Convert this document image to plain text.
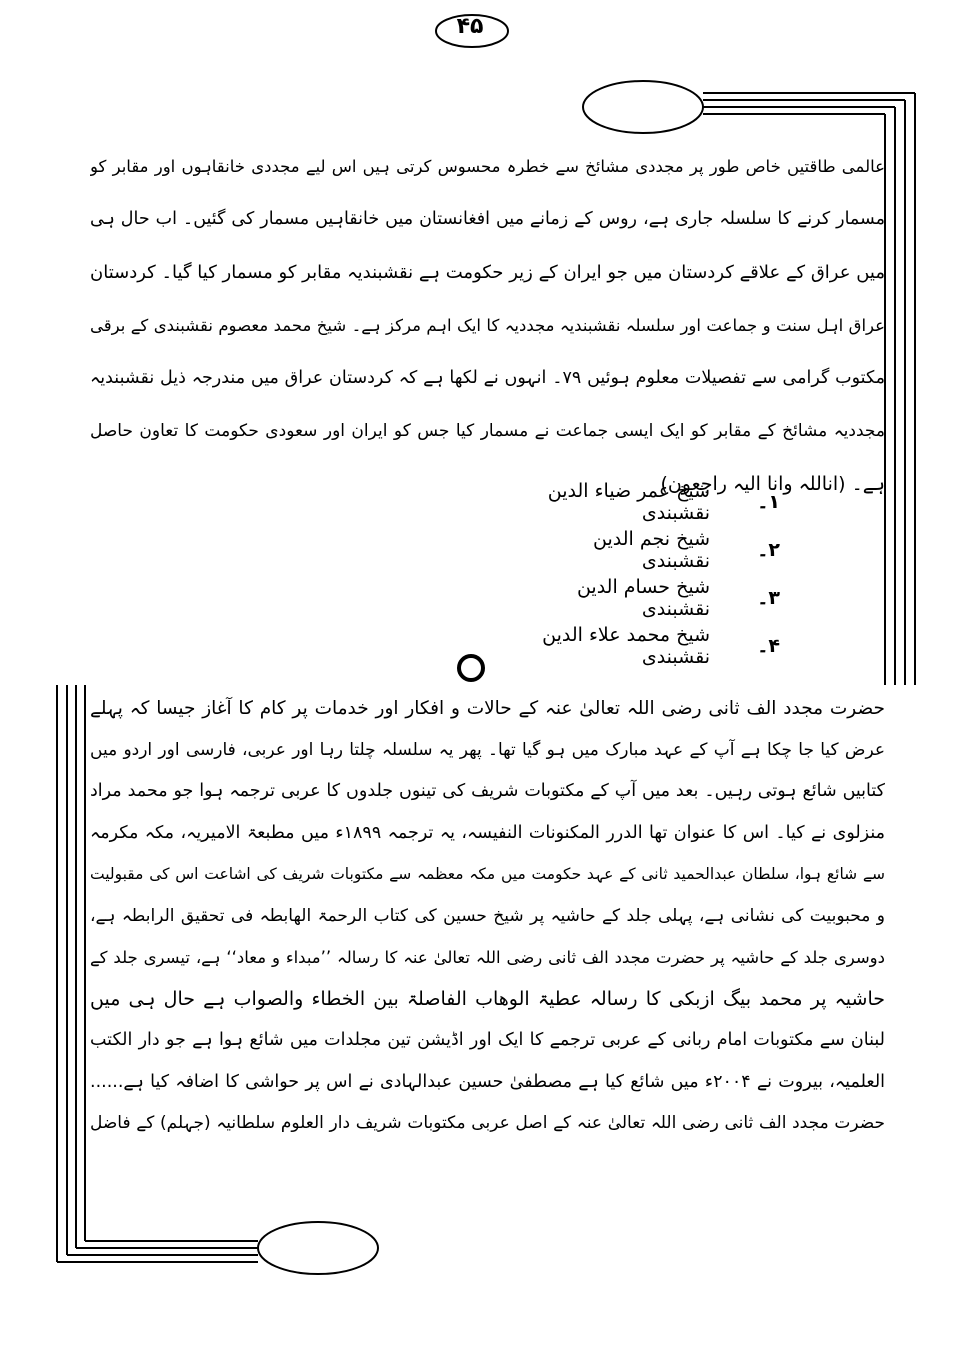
۴۵
عالمی طاقتیں خاص طور پر مجددی مشائخ سے خطرہ محسوس کرتی ہیں اس لیے مجددی خانقاہوں اور مقابر کو
مسمار کرنے کا سلسلہ جاری ہے، روس کے زمانے میں افغانستان میں خانقاہیں مسمار کی گئیں۔ اب حال ہی
میں عراق کے علاقے کردستان میں جو ایران کے زیر حکومت ہے نقشبندیہ مقابر کو مسمار کیا گیا۔ کردستان
عراق اہل سنت و جماعت اور سلسلہ نقشبندیہ مجددیہ کا ایک اہم مرکز ہے۔ شیخ محمد معصوم نقشبندی کے برقی
مکتوب گرامی سے تفصیلات معلوم ہوئیں ۷۹۔ انہوں نے لکھا ہے کہ کردستان عراق میں مندرجہ ذیل نقشبندیہ
مجددیہ مشائخ کے مقابر کو ایک ایسی جماعت نے مسمار کیا جس کو ایران اور سعودی حکومت کا تعاون حاصل
ہے۔ (اناللہ وانا الیہ راجعون)
۱۔
شیخ عمر ضیاء الدین نقشبندی
۲۔
شیخ نجم الدین نقشبندی
۳۔
شیخ حسام الدین نقشبندی
۴۔
شیخ محمد علاء الدین نقشبندی
حضرت مجدد الف ثانی رضی اللہ تعالیٰ عنہ کے حالات و افکار اور خدمات پر کام کا آغاز جیسا کہ پہلے
عرض کیا جا چکا ہے آپ کے عہد مبارک میں ہو گیا تھا۔ پھر یہ سلسلہ چلتا رہا اور عربی، فارسی اور اردو میں
کتابیں شائع ہوتی رہیں۔ بعد میں آپ کے مکتوبات شریف کی تینوں جلدوں کا عربی ترجمہ ہوا جو محمد مراد
منزلوی نے کیا۔ اس کا عنوان تھا الدرر المکنونات النفیسہ، یہ ترجمہ ۱۸۹۹ء میں مطبعۃ الامیریہ، مکہ مکرمہ
سے شائع ہوا، سلطان عبدالحمید ثانی کے عہد حکومت میں مکہ معظمہ سے مکتوبات شریف کی اشاعت اس کی مقبولیت
و محبوبیت کی نشانی ہے، پہلی جلد کے حاشیہ پر شیخ حسین کی کتاب الرحمۃ الھابطہ فی تحقیق الرابطہ ہے،
دوسری جلد کے حاشیہ پر حضرت مجدد الف ثانی رضی اللہ تعالیٰ عنہ کا رسالہ ’’مبداء و معاد‘‘ ہے، تیسری جلد کے
حاشیہ پر محمد بیگ ازبکی کا رسالہ عطیۃ الوھاب الفاصلۃ بین الخطاء والصواب ہے حال ہی میں
لبنان سے مکتوبات امام ربانی کے عربی ترجمے کا ایک اور اڈیشن تین مجلدات میں شائع ہوا ہے جو دار الکتب
العلمیہ، بیروت نے ۲۰۰۴ء میں شائع کیا ہے مصطفیٰ حسین عبدالہادی نے اس پر حواشی کا اضافہ کیا ہے......
حضرت مجدد الف ثانی رضی اللہ تعالیٰ عنہ کے اصل عربی مکتوبات شریف دار العلوم سلطانیہ (جہلم) کے فاضل
